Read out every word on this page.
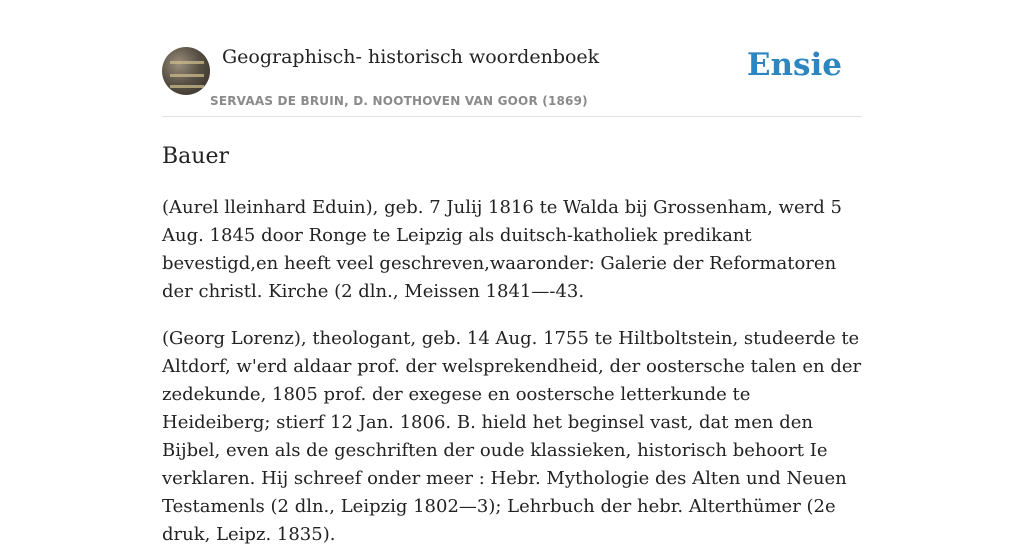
Geographisch- historisch woordenboek
SERVAAS DE BRUIN, D. NOOTHOVEN VAN GOOR (1869)
Ensie
Bauer

(Aurel lleinhard Eduin), geb. 7 Julij 1816 te Walda bij Grossenham, werd 5 Aug. 1845 door Ronge te Leipzig als duitsch-katholiek predikant bevestigd,en heeft veel geschreven,waaronder: Galerie der Reformatoren der christl. Kirche (2 dln., Meissen 1841—-43.

(Georg Lorenz), theologant, geb. 14 Aug. 1755 te Hiltboltstein, studeerde te Altdorf, w'erd aldaar prof. der welsprekendheid, der oostersche talen en der zedekunde, 1805 prof. der exegese en oostersche letterkunde te Heideiberg; stierf 12 Jan. 1806. B. hield het beginsel vast, dat men den Bijbel, even als de geschriften der oude klassieken, historisch behoort Ie verklaren. Hij schreef onder meer : Hebr. Mythologie des Alten und Neuen Testamenls (2 dln., Leipzig 1802—3); Lehrbuch der hebr. Alterthümer (2e druk, Leipz. 1835).
